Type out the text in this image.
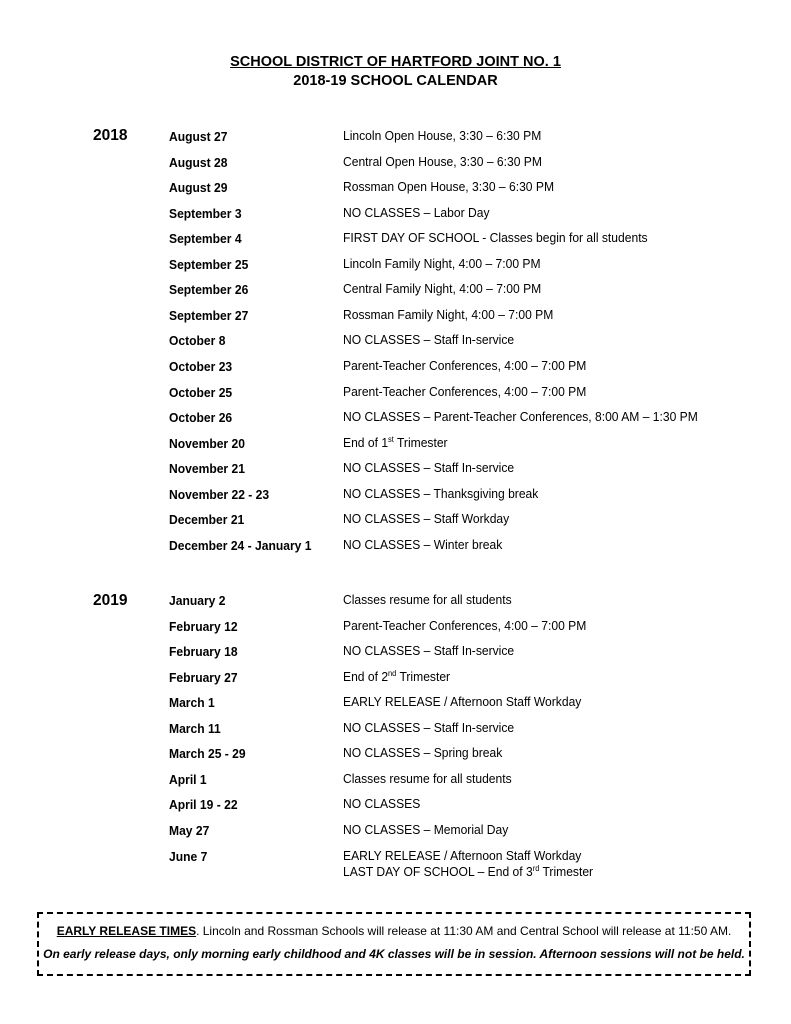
SCHOOL DISTRICT OF HARTFORD JOINT NO. 1
2018-19 SCHOOL CALENDAR
2018	August 27	Lincoln Open House, 3:30 – 6:30 PM
August 28	Central Open House, 3:30 – 6:30 PM
August 29	Rossman Open House, 3:30 – 6:30 PM
September 3	NO CLASSES – Labor Day
September 4	FIRST DAY OF SCHOOL - Classes begin for all students
September 25	Lincoln Family Night, 4:00 – 7:00 PM
September 26	Central Family Night, 4:00 – 7:00 PM
September 27	Rossman Family Night, 4:00 – 7:00 PM
October 8	NO CLASSES – Staff In-service
October 23	Parent-Teacher Conferences, 4:00 – 7:00 PM
October 25	Parent-Teacher Conferences, 4:00 – 7:00 PM
October 26	NO CLASSES – Parent-Teacher Conferences, 8:00 AM – 1:30 PM
November 20	End of 1st Trimester
November 21	NO CLASSES – Staff In-service
November 22 - 23	NO CLASSES – Thanksgiving break
December 21	NO CLASSES – Staff Workday
December 24 - January 1 NO CLASSES – Winter break
2019	January 2	Classes resume for all students
February 12	Parent-Teacher Conferences, 4:00 – 7:00 PM
February 18	NO CLASSES – Staff In-service
February 27	End of 2nd Trimester
March 1	EARLY RELEASE / Afternoon Staff Workday
March 11	NO CLASSES – Staff In-service
March 25 - 29	NO CLASSES – Spring break
April 1	Classes resume for all students
April 19 - 22	NO CLASSES
May 27	NO CLASSES – Memorial Day
June 7	EARLY RELEASE / Afternoon Staff Workday
LAST DAY OF SCHOOL – End of 3rd Trimester
EARLY RELEASE TIMES. Lincoln and Rossman Schools will release at 11:30 AM and Central School will release at 11:50 AM.
On early release days, only morning early childhood and 4K classes will be in session. Afternoon sessions will not be held.
